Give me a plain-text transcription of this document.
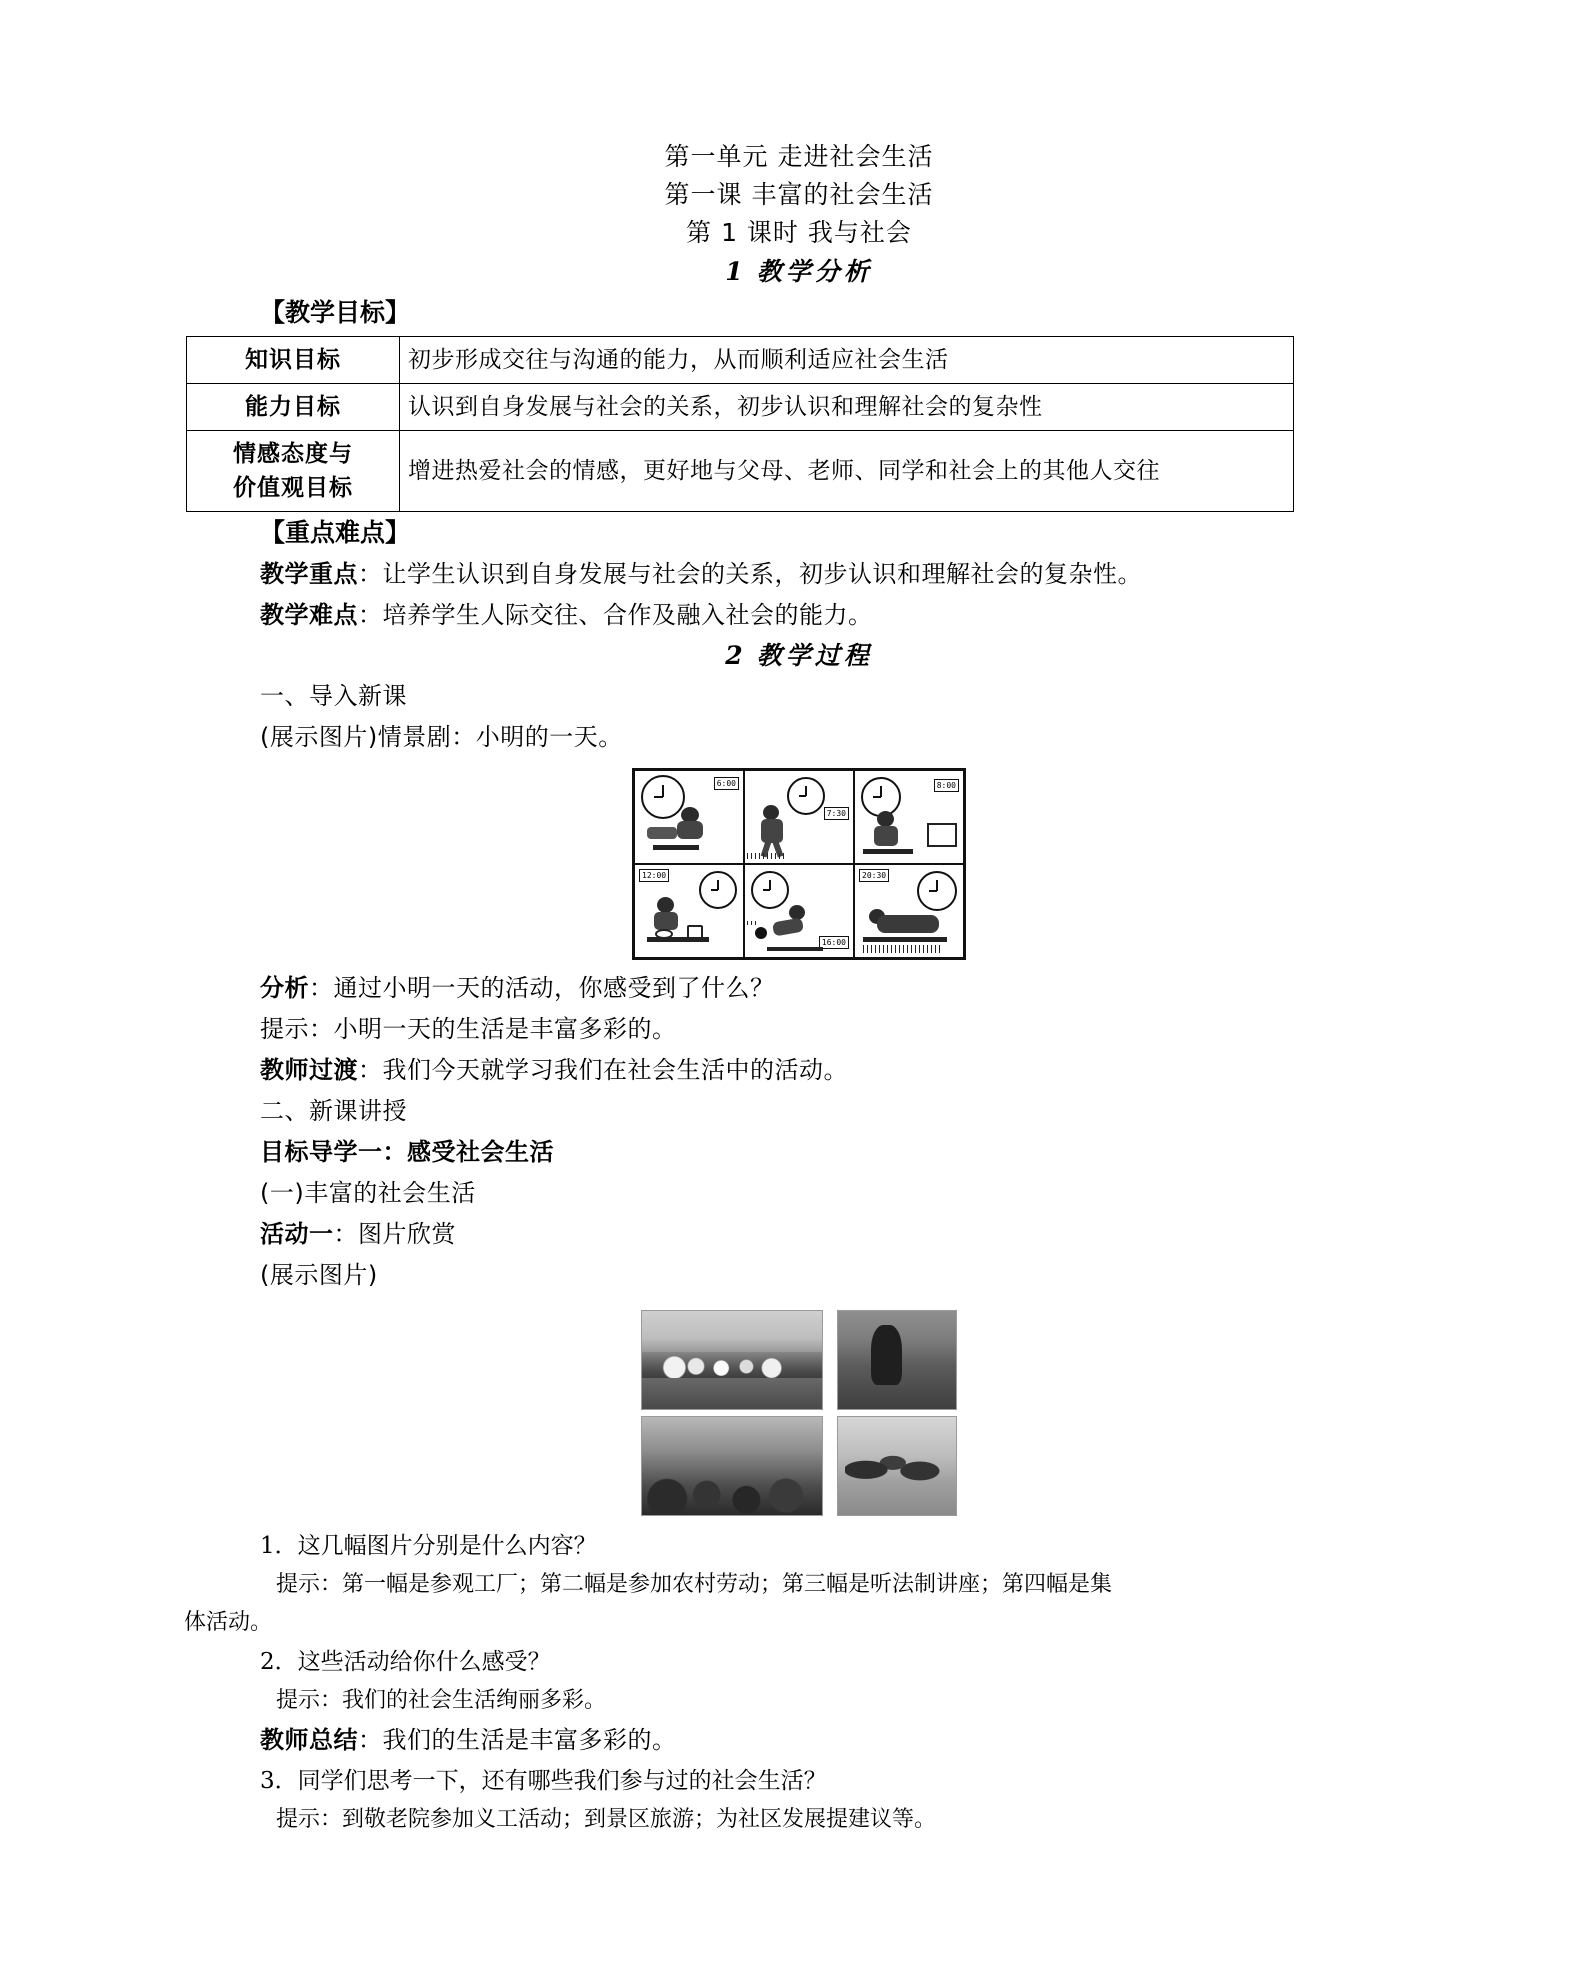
第一单元 走进社会生活
第一课 丰富的社会生活
第 1 课时 我与社会
1 教学分析
【教学目标】
知识目标	初步形成交往与沟通的能力，从而顺利适应社会生活
能力目标	认识到自身发展与社会的关系，初步认识和理解社会的复杂性

情感态度与
价值观目标	增进热爱社会的情感，更好地与父母、老师、同学和社会上的其他人交往
【重点难点】
教学重点：让学生认识到自身发展与社会的关系，初步认识和理解社会的复杂性。
教学难点：培养学生人际交往、合作及融入社会的能力。
2 教学过程
一、导入新课
(展示图片)情景剧：小明的一天。
6:00
7:30
8:00
12:00
16:00
20:30
分析：通过小明一天的活动，你感受到了什么？
提示：小明一天的生活是丰富多彩的。
教师过渡：我们今天就学习我们在社会生活中的活动。
二、新课讲授
目标导学一：感受社会生活
(一)丰富的社会生活
活动一：图片欣赏
(展示图片)
1．这几幅图片分别是什么内容？
提示：第一幅是参观工厂；第二幅是参加农村劳动；第三幅是听法制讲座；第四幅是集
体活动。
2．这些活动给你什么感受？
提示：我们的社会生活绚丽多彩。
教师总结：我们的生活是丰富多彩的。
3．同学们思考一下，还有哪些我们参与过的社会生活？
提示：到敬老院参加义工活动；到景区旅游；为社区发展提建议等。
